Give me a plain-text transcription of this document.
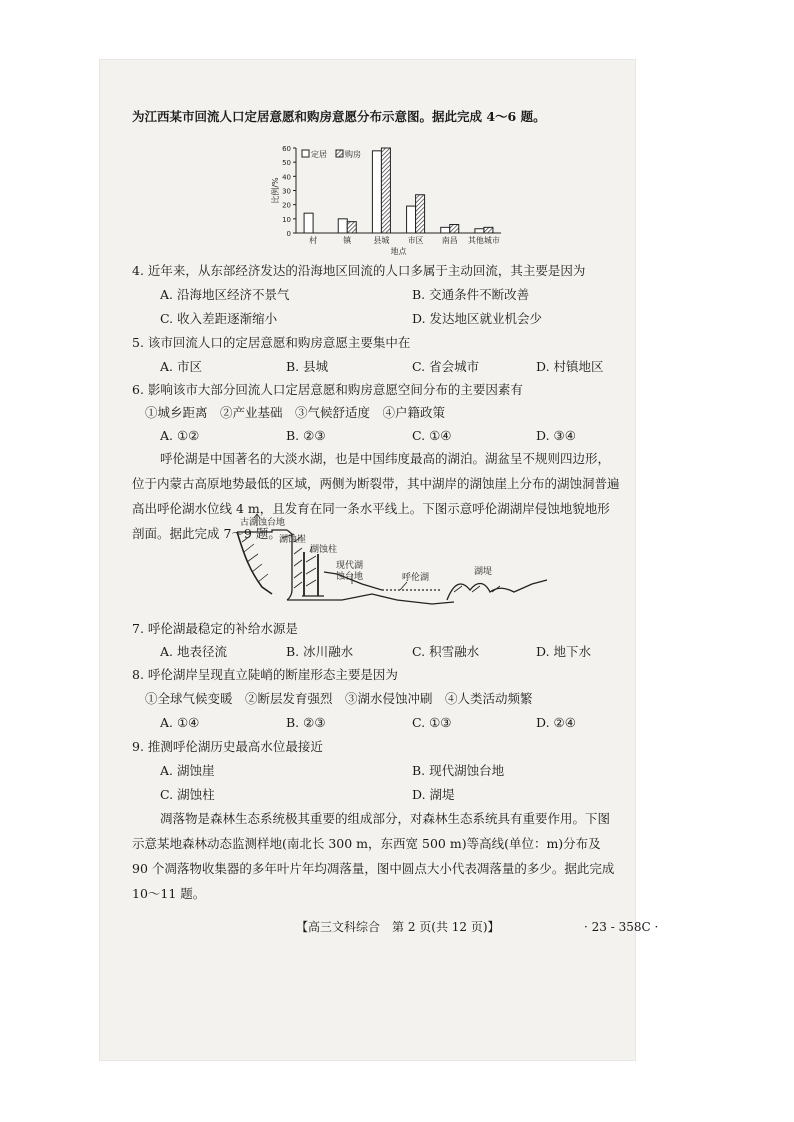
为江西某市回流人口定居意愿和购房意愿分布示意图。据此完成 4～6 题。
0
10
20
30
40
50
60
比例/%
村	镇	县城 市区 南昌 其他城市
地点
定居 购房
4. 近年来，从东部经济发达的沿海地区回流的人口多属于主动回流，其主要是因为
A. 沿海地区经济不景气	B. 交通条件不断改善
C. 收入差距逐渐缩小	D. 发达地区就业机会少
5. 该市回流人口的定居意愿和购房意愿主要集中在
A. 市区	B. 县城	C. 省会城市	D. 村镇地区
6. 影响该市大部分回流人口定居意愿和购房意愿空间分布的主要因素有
①城乡距离　②产业基础　③气候舒适度　④户籍政策
A. ①②	B. ②③	C. ①④	D. ③④
呼伦湖是中国著名的大淡水湖，也是中国纬度最高的湖泊。湖盆呈不规则四边形，位于内蒙古高原地势最低的区域，两侧为断裂带，其中湖岸的湖蚀崖上分布的湖蚀洞普遍高出呼伦湖水位线 4 m，且发育在同一条水平线上。下图示意呼伦湖湖岸侵蚀地貌地形剖面。据此完成 7～9 题。
古湖蚀台地
湖蚀崖
湖蚀柱
现代湖
蚀台地	呼伦湖
湖堤
7. 呼伦湖最稳定的补给水源是
A. 地表径流	B. 冰川融水	C. 积雪融水	D. 地下水
8. 呼伦湖岸呈现直立陡峭的断崖形态主要是因为
①全球气候变暖　②断层发育强烈　③湖水侵蚀冲刷　④人类活动频繁
A. ①④	B. ②③	C. ①③	D. ②④
9. 推测呼伦湖历史最高水位最接近
A. 湖蚀崖	B. 现代湖蚀台地
C. 湖蚀柱	D. 湖堤
凋落物是森林生态系统极其重要的组成部分，对森林生态系统具有重要作用。下图示意某地森林动态监测样地(南北长 300 m，东西宽 500 m)等高线(单位：m)分布及 90 个凋落物收集器的多年叶片年均凋落量，图中圆点大小代表凋落量的多少。据此完成 10～11 题。
【高三文科综合　第 2 页(共 12 页)】	· 23 - 358C ·
